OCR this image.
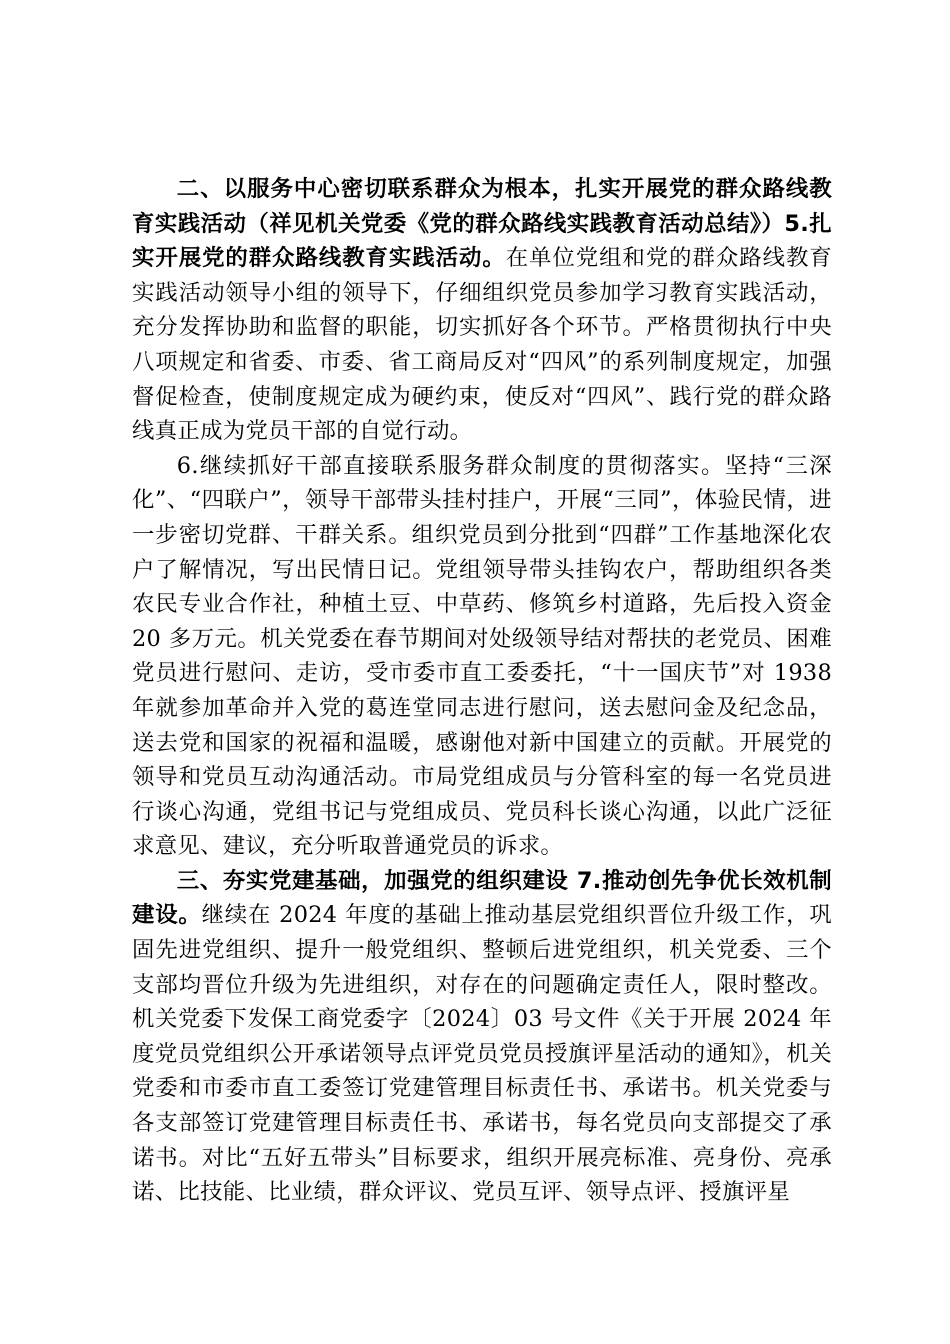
二、以服务中心密切联系群众为根本，扎实开展党的群众路线教育实践活动（祥见机关党委《党的群众路线实践教育活动总结》）5.扎实开展党的群众路线教育实践活动。在单位党组和党的群众路线教育实践活动领导小组的领导下，仔细组织党员参加学习教育实践活动，充分发挥协助和监督的职能，切实抓好各个环节。严格贯彻执行中央八项规定和省委、市委、省工商局反对“四风”的系列制度规定，加强督促检查，使制度规定成为硬约束，使反对“四风”、践行党的群众路线真正成为党员干部的自觉行动。

6.继续抓好干部直接联系服务群众制度的贯彻落实。坚持“三深化”、“四联户”，领导干部带头挂村挂户，开展“三同”，体验民情，进一步密切党群、干群关系。组织党员到分批到“四群”工作基地深化农户了解情况，写出民情日记。党组领导带头挂钩农户，帮助组织各类农民专业合作社，种植土豆、中草药、修筑乡村道路，先后投入资金 20 多万元。机关党委在春节期间对处级领导结对帮扶的老党员、困难党员进行慰问、走访，受市委市直工委委托，“十一国庆节”对 1938 年就参加革命并入党的葛连堂同志进行慰问，送去慰问金及纪念品，送去党和国家的祝福和温暖，感谢他对新中国建立的贡献。开展党的领导和党员互动沟通活动。市局党组成员与分管科室的每一名党员进行谈心沟通，党组书记与党组成员、党员科长谈心沟通，以此广泛征求意见、建议，充分听取普通党员的诉求。

三、夯实党建基础，加强党的组织建设 7.推动创先争优长效机制建设。继续在 2024 年度的基础上推动基层党组织晋位升级工作，巩固先进党组织、提升一般党组织、整顿后进党组织，机关党委、三个支部均晋位升级为先进组织，对存在的问题确定责任人，限时整改。机关党委下发保工商党委字〔2024〕03 号文件《关于开展 2024 年度党员党组织公开承诺领导点评党员党员授旗评星活动的通知》，机关党委和市委市直工委签订党建管理目标责任书、承诺书。机关党委与各支部签订党建管理目标责任书、承诺书，每名党员向支部提交了承诺书。对比“五好五带头”目标要求，组织开展亮标准、亮身份、亮承诺、比技能、比业绩，群众评议、党员互评、领导点评、授旗评星
